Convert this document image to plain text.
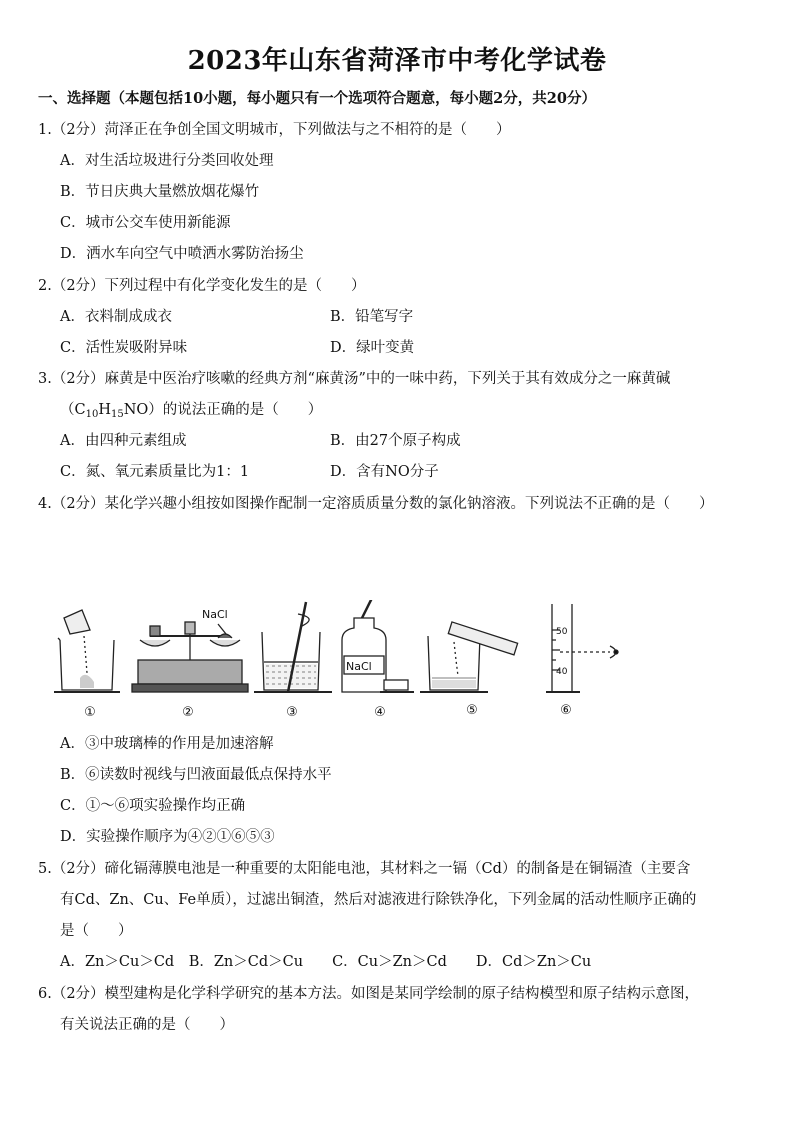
2023年山东省菏泽市中考化学试卷
一、选择题（本题包括10小题，每小题只有一个选项符合题意，每小题2分，共20分）
1.（2分）菏泽正在争创全国文明城市，下列做法与之不相符的是（　　）
A．对生活垃圾进行分类回收处理
B．节日庆典大量燃放烟花爆竹
C．城市公交车使用新能源
D．洒水车向空气中喷洒水雾防治扬尘
2.（2分）下列过程中有化学变化发生的是（　　）
A．衣料制成成衣	B．铅笔写字
C．活性炭吸附异味	D．绿叶变黄
3.（2分）麻黄是中医治疗咳嗽的经典方剂“麻黄汤”中的一味中药，下列关于其有效成分之一麻黄碱
$(C_{10}H_{15}NO)$的说法正确的是（　　）
A．由四种元素组成	B．由27个原子构成
C．氮、氧元素质量比为1：1	D．含有NO分子
4.（2分）某化学兴趣小组按如图操作配制一定溶质质量分数的氯化钠溶液。下列说法不正确的是（　　）
NaCl
NaCl
50
40
①	②	③	④	⑤	⑥
A．③中玻璃棒的作用是加速溶解
B．⑥读数时视线与凹液面最低点保持水平
C．①～⑥项实验操作均正确
D．实验操作顺序为④②①⑥⑤③
5.（2分）碲化镉薄膜电池是一种重要的太阳能电池，其材料之一镉（Cd）的制备是在铜镉渣（主要含
有Cd、Zn、Cu、Fe单质），过滤出铜渣，然后对滤液进行除铁净化，下列金属的活动性顺序正确的
是（　　）
A．Zn＞Cu＞Cd　B．Zn＞Cd＞Cu　　C．Cu＞Zn＞Cd　　D．Cd＞Zn＞Cu
6.（2分）模型建构是化学科学研究的基本方法。如图是某同学绘制的原子结构模型和原子结构示意图，
有关说法正确的是（　　）
